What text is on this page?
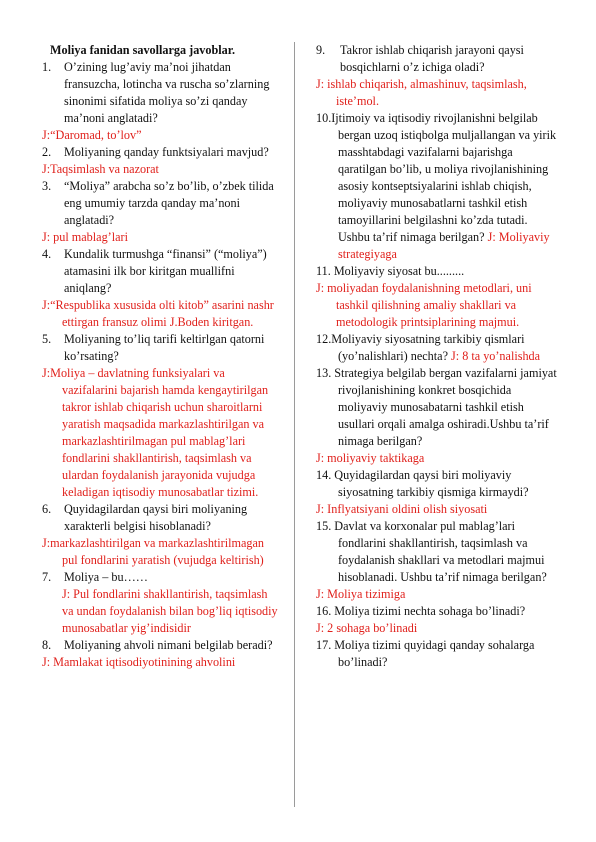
Moliya fanidan savollarga javoblar.

1. O’zining lug’aviy ma’noi jihatdan fransuzcha, lotincha va ruscha so’zlarning sinonimi sifatida moliya so’zi qanday ma’noni anglatadi?

J:“Daromad, to’lov”

2. Moliyaning qanday funktsiyalari mavjud?

J:Taqsimlash va nazorat

3. “Moliya” arabcha so’z bo’lib, o’zbek tilida eng umumiy tarzda qanday ma’noni anglatadi?

J: pul mablag’lari

4. Kundalik turmushga “finansi” (“moliya”) atamasini ilk bor kiritgan muallifni aniqlang?

J:“Respublika xususida olti kitob” asarini nashr ettirgan fransuz olimi J.Boden kiritgan.

5. Moliyaning to’liq tarifi keltirlgan qatorni ko’rsating?

J:Moliya – davlatning funksiyalari va vazifalarini bajarish hamda kengaytirilgan takror ishlab chiqarish uchun sharoitlarni yaratish maqsadida markazlashtirilgan va markazlashtirilmagan pul mablag’lari fondlarini shakllantirish, taqsimlash va ulardan foydalanish jarayonida vujudga keladigan iqtisodiy munosabatlar tizimi.

6. Quyidagilardan qaysi biri moliyaning xarakterli belgisi hisoblanadi?

J:markazlashtirilgan va markazlashtirilmagan pul fondlarini yaratish (vujudga keltirish)

7. Moliya – bu……

J: Pul fondlarini shakllantirish, taqsimlash va undan foydalanish bilan bog’liq iqtisodiy munosabatlar yig’indisidir

8. Moliyaning ahvoli nimani belgilab beradi?

J: Mamlakat iqtisodiyotinining ahvolini

9. Takror ishlab chiqarish jarayoni qaysi bosqichlarni o’z ichiga oladi?

J: ishlab chiqarish, almashinuv, taqsimlash, iste’mol.

10.Ijtimoiy va iqtisodiy rivojlanishni belgilab bergan uzoq istiqbolga muljallangan va yirik masshtabdagi vazifalarni bajarishga qaratilgan bo’lib, u moliya rivojlanishining asosiy kontseptsiyalarini ishlab chiqish, moliyaviy munosabatlarni tashkil etish tamoyillarini belgilashni ko’zda tutadi. Ushbu ta’rif nimaga berilgan? J: Moliyaviy strategiyaga

11. Moliyaviy siyosat bu.........

J: moliyadan foydalanishning metodlari, uni tashkil qilishning amaliy shakllari va metodologik printsiplarining majmui.

12.Moliyaviy siyosatning tarkibiy qismlari (yo’nalishlari) nechta? J: 8 ta yo’nalishda

13. Strategiya belgilab bergan vazifalarni jamiyat rivojlanishining konkret bosqichida moliyaviy munosabatarni tashkil etish usullari orqali amalga oshiradi.Ushbu ta’rif nimaga berilgan?

J: moliyaviy taktikaga

14. Quyidagilardan qaysi biri moliyaviy siyosatning tarkibiy qismiga kirmaydi?

J: Inflyatsiyani oldini olish siyosati

15. Davlat va korxonalar pul mablag’lari fondlarini shakllantirish, taqsimlash va foydalanish shakllari va metodlari majmui hisoblanadi. Ushbu ta’rif nimaga berilgan?

J: Moliya tizimiga

16. Moliya tizimi nechta sohaga bo’linadi?

J: 2 sohaga bo’linadi

17. Moliya tizimi quyidagi qanday sohalarga bo’linadi?
